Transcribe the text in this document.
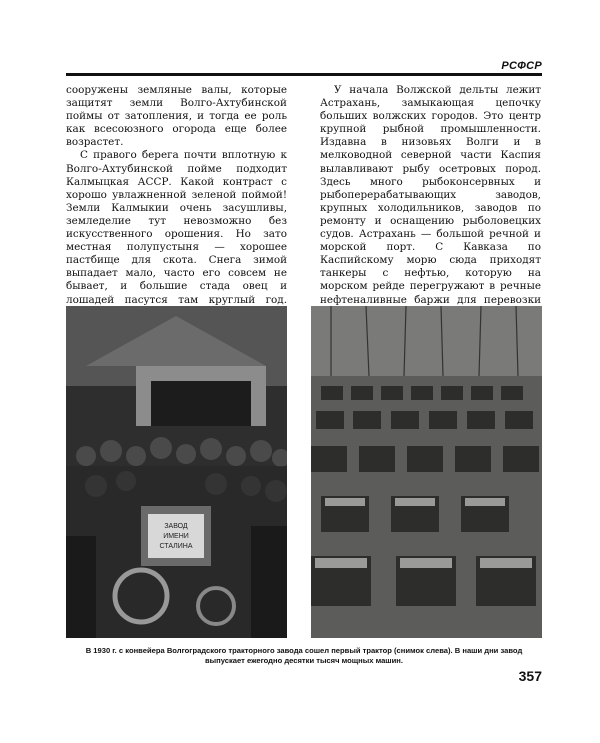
РСФСР

сооружены земляные валы, которые защитят земли Волго-Ахтубинской поймы от затопления, и тогда ее роль как всесоюзного огорода еще более возрастет.

С правого берега почти вплотную к Волго-Ахтубинской пойме подходит Калмыцкая АССР. Какой контраст с хорошо увлажненной зеленой поймой! Земли Калмыкии очень засушливы, земледелие тут невозможно без искусственного орошения. Но зато местная полупустыня — хорошее пастбище для скота. Снега зимой выпадает мало, часто его совсем не бывает, и большие стада овец и лошадей пасутся там круглый год.

У начала Волжской дельты лежит Астрахань, замыкающая цепочку больших волжских городов. Это центр крупной рыбной промышленности. Издавна в низовьях Волги и в мелководной северной части Каспия вылавливают рыбу осетровых пород. Здесь много рыбоконсервных и рыбоперерабатывающих заводов, крупных холодильников, заводов по ремонту и оснащению рыболовецких судов. Астрахань — большой речной и морской порт. С Кавказа по Каспийскому морю сюда приходят танкеры с нефтью, которую на морском рейде перегружают в речные нефтеналивные баржи для перевозки

ЗАВОД
ИМЕНИ
СТАЛИНА
В 1930 г. с конвейера Волгоградского тракторного завода сошел первый трактор (снимок слева). В наши дни завод выпускает ежегодно десятки тысяч мощных машин.
357
